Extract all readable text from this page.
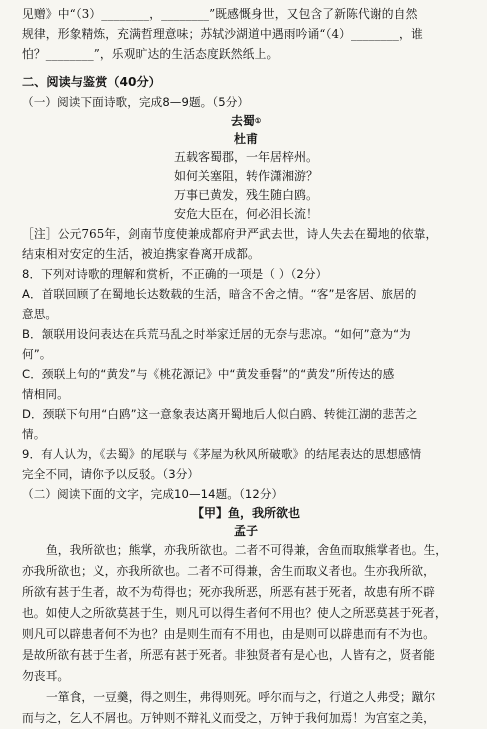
见赠》中“（3）________，________”既感慨身世，又包含了新陈代谢的自然
规律，形象精炼，充满哲理意味；苏轼沙湖道中遇雨吟诵“（4）________，谁
怕？________”，乐观旷达的生活态度跃然纸上。
二、阅读与鉴赏（40分）
（一）阅读下面诗歌，完成8—9题。（5分）
去蜀①
杜甫
五载客蜀郡，一年居梓州。
如何关塞阻，转作潇湘游？
万事已黄发，残生随白鸥。
安危大臣在，何必泪长流！
［注］公元765年，剑南节度使兼成都府尹严武去世，诗人失去在蜀地的依靠，
结束相对安定的生活，被迫携家眷离开成都。
8．下列对诗歌的理解和赏析，不正确的一项是（ ）（2分）
A．首联回顾了在蜀地长达数载的生活，暗含不舍之情。“客”是客居、旅居的
意思。
B．颔联用设问表达在兵荒马乱之时举家迁居的无奈与悲凉。“如何”意为“为
何”。
C．颈联上句的“黄发”与《桃花源记》中“黄发垂髫”的“黄发”所传达的感
情相同。
D．颈联下句用“白鸥”这一意象表达离开蜀地后人似白鸥、转徙江湖的悲苦之
情。
9．有人认为，《去蜀》的尾联与《茅屋为秋风所破歌》的结尾表达的思想感情
完全不同，请你予以反驳。（3分）
（二）阅读下面的文字，完成10—14题。（12分）
【甲】鱼，我所欲也
孟子
鱼，我所欲也；熊掌，亦我所欲也。二者不可得兼，舍鱼而取熊掌者也。生，
亦我所欲也；义，亦我所欲也。二者不可得兼，舍生而取义者也。生亦我所欲，
所欲有甚于生者，故不为苟得也；死亦我所恶，所恶有甚于死者，故患有所不辟
也。如使人之所欲莫甚于生，则凡可以得生者何不用也？使人之所恶莫甚于死者，
则凡可以辟患者何不为也？由是则生而有不用也，由是则可以辟患而有不为也。
是故所欲有甚于生者，所恶有甚于死者。非独贤者有是心也，人皆有之，贤者能
勿丧耳。
一箪食，一豆羹，得之则生，弗得则死。呼尔而与之，行道之人弗受；蹴尔
而与之，乞人不屑也。万钟则不辩礼义而受之，万钟于我何加焉！为宫室之美，
